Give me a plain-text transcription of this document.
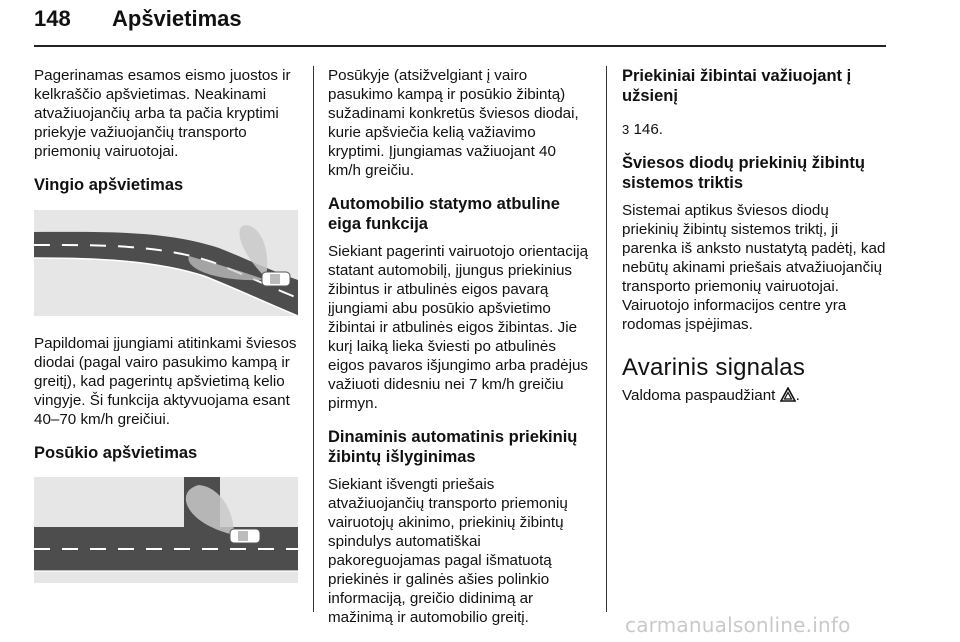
148 Apšvietimas

Pagerinamas esamos eismo juostos ir kelkraščio apšvietimas. Neakinami atvažiuojančių arba ta pačia kryptimi priekyje važiuojančių transporto priemonių vairuotojai.

Vingio apšvietimas

Papildomai įjungiami atitinkami šviesos diodai (pagal vairo pasukimo kampą ir greitį), kad pagerintų apšvietimą kelio vingyje. Ši funkcija aktyvuojama esant 40–70 km/h greičiui.

Posūkio apšvietimas

Posūkyje (atsižvelgiant į vairo pasukimo kampą ir posūkio žibintą) sužadinami konkretūs šviesos diodai, kurie apšviečia kelią važiavimo kryptimi. Įjungiamas važiuojant 40 km/h greičiu.

Automobilio statymo atbuline eiga funkcija

Siekiant pagerinti vairuotojo orientaciją statant automobilį, įjungus priekinius žibintus ir atbulinės eigos pavarą įjungiami abu posūkio apšvietimo žibintai ir atbulinės eigos žibintas. Jie kurį laiką lieka šviesti po atbulinės eigos pavaros išjungimo arba pradėjus važiuoti didesniu nei 7 km/h greičiu pirmyn.

Dinaminis automatinis priekinių žibintų išlyginimas

Siekiant išvengti priešais atvažiuojančių transporto priemonių vairuotojų akinimo, priekinių žibintų spindulys automatiškai pakoreguojamas pagal išmatuotą priekinės ir galinės ašies polinkio informaciją, greičio didinimą ar mažinimą ir automobilio greitį.

Priekiniai žibintai važiuojant į užsienį

3 146.

Šviesos diodų priekinių žibintų sistemos triktis

Sistemai aptikus šviesos diodų priekinių žibintų sistemos triktį, ji parenka iš anksto nustatytą padėtį, kad nebūtų akinami priešais atvažiuojančių transporto priemonių vairuotojai. Vairuotojo informacijos centre yra rodomas įspėjimas.

Avarinis signalas

Valdoma paspaudžiant .

carmanualsonline.info
